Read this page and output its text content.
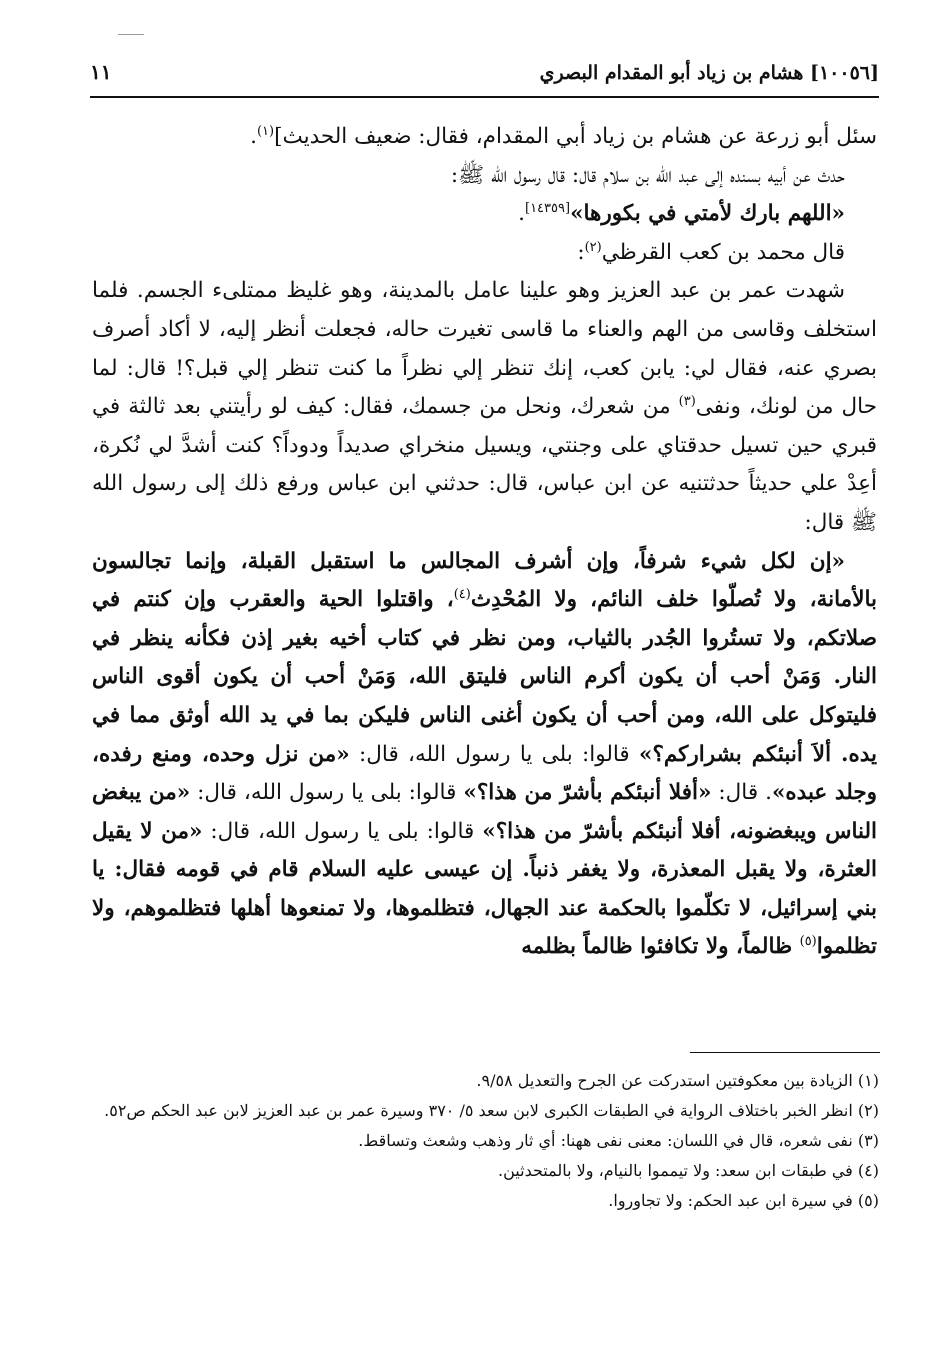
[١٠٠٥٦] هشام بن زياد أبو المقدام البصري
١١

سئل أبو زرعة عن هشام بن زياد أبي المقدام، فقال: ضعيف الحديث]$^{(١)}$.

حدث عن أبيه بسنده إلى عبد الله بن سلام قال: قال رسول الله ﷺ:

«اللهم بارك لأمتي في بكورها»[١٤٣٥٩].

قال محمد بن كعب القرظي$^{(٢)}$:

شهدت عمر بن عبد العزيز وهو علينا عامل بالمدينة، وهو غليظ ممتلىء الجسم. فلما استخلف وقاسى من الهم والعناء ما قاسى تغيرت حاله، فجعلت أنظر إليه، لا أكاد أصرف بصري عنه، فقال لي: يابن كعب، إنك تنظر إلي نظراً ما كنت تنظر إلي قبل؟! قال: لما حال من لونك، ونفى$^{(٣)}$ من شعرك، ونحل من جسمك، فقال: كيف لو رأيتني بعد ثالثة في قبري حين تسيل حدقتاي على وجنتي، ويسيل منخراي صديداً ودوداً؟ كنت أشدَّ لي نُكرة، أعِدْ علي حديثاً حدثتنيه عن ابن عباس، قال: حدثني ابن عباس ورفع ذلك إلى رسول الله ﷺ قال:

«إن لكل شيء شرفاً، وإن أشرف المجالس ما استقبل القبلة، وإنما تجالسون بالأمانة، ولا تُصلّوا خلف النائم، ولا المُحْدِث$^{(٤)}$، واقتلوا الحية والعقرب وإن كنتم في صلاتكم، ولا تستُروا الجُدر بالثياب، ومن نظر في كتاب أخيه بغير إذن فكأنه ينظر في النار. وَمَنْ أحب أن يكون أكرم الناس فليتق الله، وَمَنْ أحب أن يكون أقوى الناس فليتوكل على الله، ومن أحب أن يكون أغنى الناس فليكن بما في يد الله أوثق مما في يده. ألاَ أنبئكم بشراركم؟» قالوا: بلى يا رسول الله، قال: «من نزل وحده، ومنع رفده، وجلد عبده». قال: «أفلا أنبئكم بأشرّ من هذا؟» قالوا: بلى يا رسول الله، قال: «من يبغض الناس ويبغضونه، أفلا أنبئكم بأشرّ من هذا؟» قالوا: بلى يا رسول الله، قال: «من لا يقيل العثرة، ولا يقبل المعذرة، ولا يغفر ذنباً. إن عيسى عليه السلام قام في قومه فقال: يا بني إسرائيل، لا تكلّموا بالحكمة عند الجهال، فتظلموها، ولا تمنعوها أهلها فتظلموهم، ولا تظلموا$^{(٥)}$ ظالماً، ولا تكافئوا ظالماً بظلمه

(١) الزيادة بين معكوفتين استدركت عن الجرح والتعديل ٩/٥٨.

(٢) انظر الخبر باختلاف الرواية في الطبقات الكبرى لابن سعد ٥/ ٣٧٠ وسيرة عمر بن عبد العزيز لابن عبد الحكم ص٥٢.

(٣) نفى شعره، قال في اللسان: معنى نفى ههنا: أي ثار وذهب وشعث وتساقط.

(٤) في طبقات ابن سعد: ولا تيمموا بالنيام، ولا بالمتحدثين.

(٥) في سيرة ابن عبد الحكم: ولا تجاوروا.
